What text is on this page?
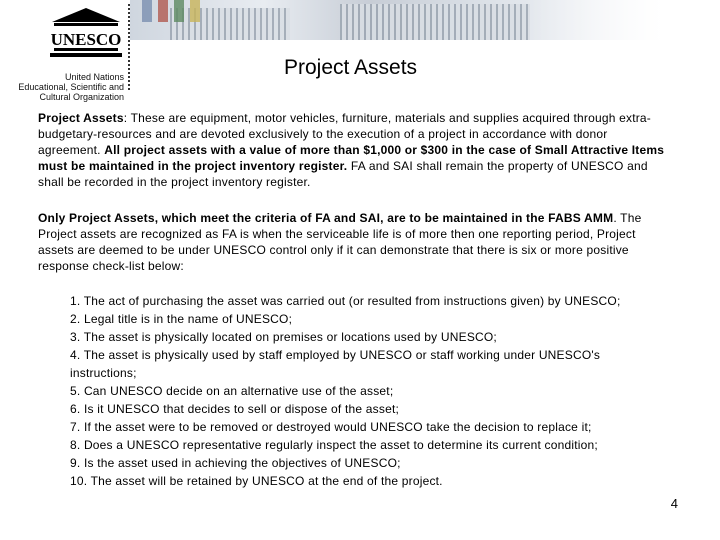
UNESCO
United Nations
Educational, Scientific and
Cultural Organization
Project Assets

Project Assets: These are equipment, motor vehicles, furniture, materials and supplies acquired through extra-budgetary-resources and are devoted exclusively to the execution of a project in accordance with donor agreement. All project assets with a value of more than $1,000 or $300 in the case of Small Attractive Items must be maintained in the project inventory register. FA and SAI shall remain the property of UNESCO and shall be recorded in the project inventory register.

Only Project Assets, which meet the criteria of FA and SAI, are to be maintained in the FABS AMM. The Project assets are recognized as FA is when the serviceable life is of more then one reporting period, Project assets are deemed to be under UNESCO control only if it can demonstrate that there is six or more positive response check-list below:

1. The act of purchasing the asset was carried out (or resulted from instructions given) by UNESCO;
2. Legal title is in the name of UNESCO;
3. The asset is physically located on premises or locations used by UNESCO;
4. The asset is physically used by staff employed by UNESCO or staff working under UNESCO's instructions;
5. Can UNESCO decide on an alternative use of the asset;
6. Is it UNESCO that decides to sell or dispose of the asset;
7. If the asset were to be removed or destroyed would UNESCO take the decision to replace it;
8. Does a UNESCO representative regularly inspect the asset to determine its current condition;
9. Is the asset used in achieving the objectives of UNESCO;
10. The asset will be retained by UNESCO at the end of the project.
4
